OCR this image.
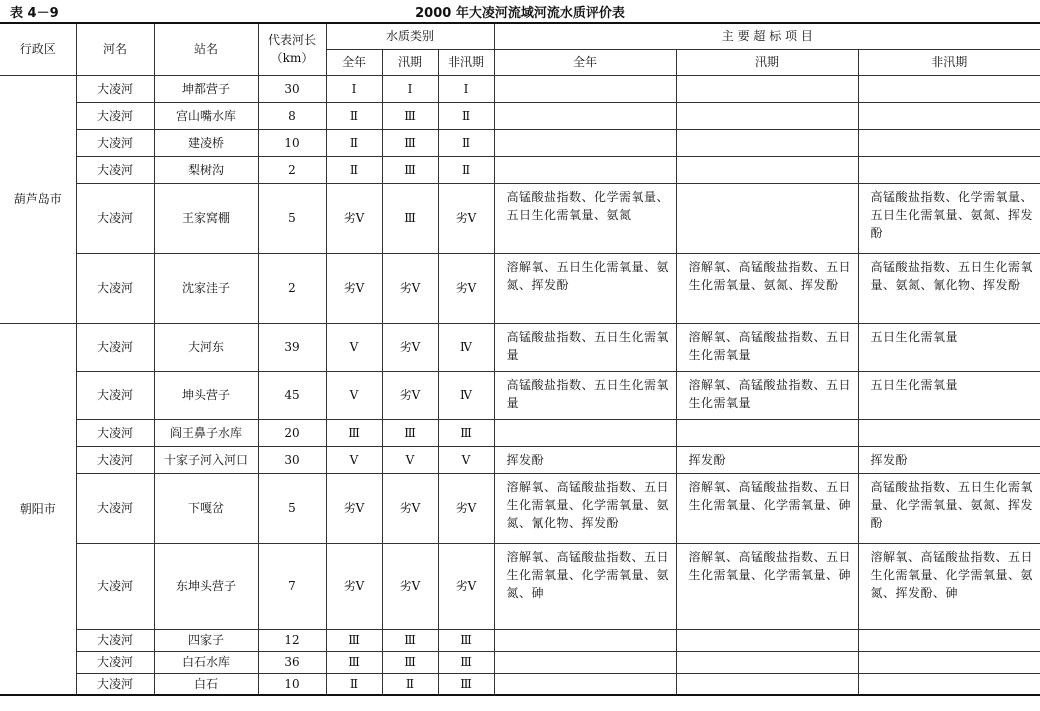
表 4－9	2000 年大凌河流域河流水质评价表
行政区	河名	站名	代表河长
（km）	水质类别			主 要 超 标 项 目		
				全年	汛期	非汛期	全年	汛期	非汛期
葫芦岛市	大凌河	坤都营子	30	Ⅰ	Ⅰ	Ⅰ			
	大凌河	宫山嘴水库	8	Ⅱ	Ⅲ	Ⅱ			
	大凌河	建凌桥	10	Ⅱ	Ⅲ	Ⅱ			
	大凌河	梨树沟	2	Ⅱ	Ⅲ	Ⅱ			
	大凌河	王家窝棚	5	劣Ⅴ	Ⅲ	劣Ⅴ	高锰酸盐指数、化学需氧量、五日生化需氧量、氨氮		高锰酸盐指数、化学需氧量、五日生化需氧量、氨氮、挥发酚
	大凌河	沈家洼子	2	劣Ⅴ	劣Ⅴ	劣Ⅴ	溶解氧、五日生化需氧量、氨氮、挥发酚	溶解氧、高锰酸盐指数、五日生化需氧量、氨氮、挥发酚	高锰酸盐指数、五日生化需氧量、氨氮、氰化物、挥发酚
朝阳市	大凌河	大河东	39	Ⅴ	劣Ⅴ	Ⅳ	高锰酸盐指数、五日生化需氧量	溶解氧、高锰酸盐指数、五日生化需氧量	五日生化需氧量
	大凌河	坤头营子	45	Ⅴ	劣Ⅴ	Ⅳ	高锰酸盐指数、五日生化需氧量	溶解氧、高锰酸盐指数、五日生化需氧量	五日生化需氧量
	大凌河	阎王鼻子水库	20	Ⅲ	Ⅲ	Ⅲ			
	大凌河	十家子河入河口	30	Ⅴ	Ⅴ	Ⅴ	挥发酚	挥发酚	挥发酚
	大凌河	下嘎岔	5	劣Ⅴ	劣Ⅴ	劣Ⅴ	溶解氧、高锰酸盐指数、五日生化需氧量、化学需氧量、氨氮、氰化物、挥发酚	溶解氧、高锰酸盐指数、五日生化需氧量、化学需氧量、砷	高锰酸盐指数、五日生化需氧量、化学需氧量、氨氮、挥发酚
	大凌河	东坤头营子	7	劣Ⅴ	劣Ⅴ	劣Ⅴ	溶解氧、高锰酸盐指数、五日生化需氧量、化学需氧量、氨氮、砷	溶解氧、高锰酸盐指数、五日生化需氧量、化学需氧量、砷	溶解氧、高锰酸盐指数、五日生化需氧量、化学需氧量、氨氮、挥发酚、砷
	大凌河	四家子	12	Ⅲ	Ⅲ	Ⅲ			
	大凌河	白石水库	36	Ⅲ	Ⅲ	Ⅲ			
	大凌河	白石	10	Ⅱ	Ⅱ	Ⅲ			
